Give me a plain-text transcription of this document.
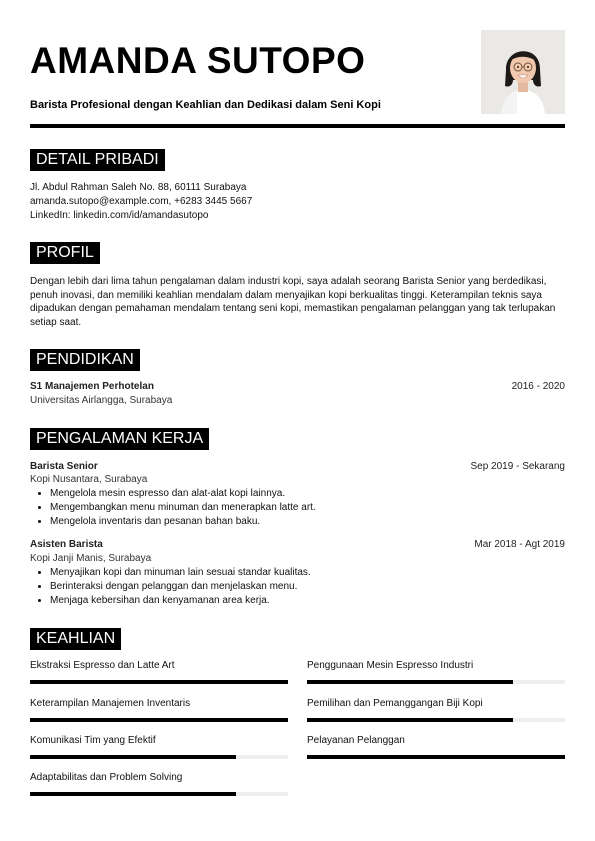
AMANDA SUTOPO
Barista Profesional dengan Keahlian dan Dedikasi dalam Seni Kopi
DETAIL PRIBADI
Jl. Abdul Rahman Saleh No. 88, 60111 Surabaya
amanda.sutopo@example.com, +6283 3445 5667
LinkedIn: linkedin.com/id/amandasutopo
PROFIL
Dengan lebih dari lima tahun pengalaman dalam industri kopi, saya adalah seorang Barista Senior yang berdedikasi, penuh inovasi, dan memiliki keahlian mendalam dalam menyajikan kopi berkualitas tinggi. Keterampilan teknis saya dipadukan dengan pemahaman mendalam tentang seni kopi, memastikan pengalaman pelanggan yang tak terlupakan setiap saat.
PENDIDIKAN
S1 Manajemen Perhotelan	2016 - 2020
Universitas Airlangga, Surabaya
PENGALAMAN KERJA
Barista Senior	Sep 2019 - Sekarang
Kopi Nusantara, Surabaya
• Mengelola mesin espresso dan alat-alat kopi lainnya.
• Mengembangkan menu minuman dan menerapkan latte art.
• Mengelola inventaris dan pesanan bahan baku.
Asisten Barista	Mar 2018 - Agt 2019
Kopi Janji Manis, Surabaya
• Menyajikan kopi dan minuman lain sesuai standar kualitas.
• Berinteraksi dengan pelanggan dan menjelaskan menu.
• Menjaga kebersihan dan kenyamanan area kerja.
KEAHLIAN
Ekstraksi Espresso dan Latte Art	Penggunaan Mesin Espresso Industri
Keterampilan Manajemen Inventaris	Pemilihan dan Pemanggangan Biji Kopi
Komunikasi Tim yang Efektif	Pelayanan Pelanggan
Adaptabilitas dan Problem Solving
